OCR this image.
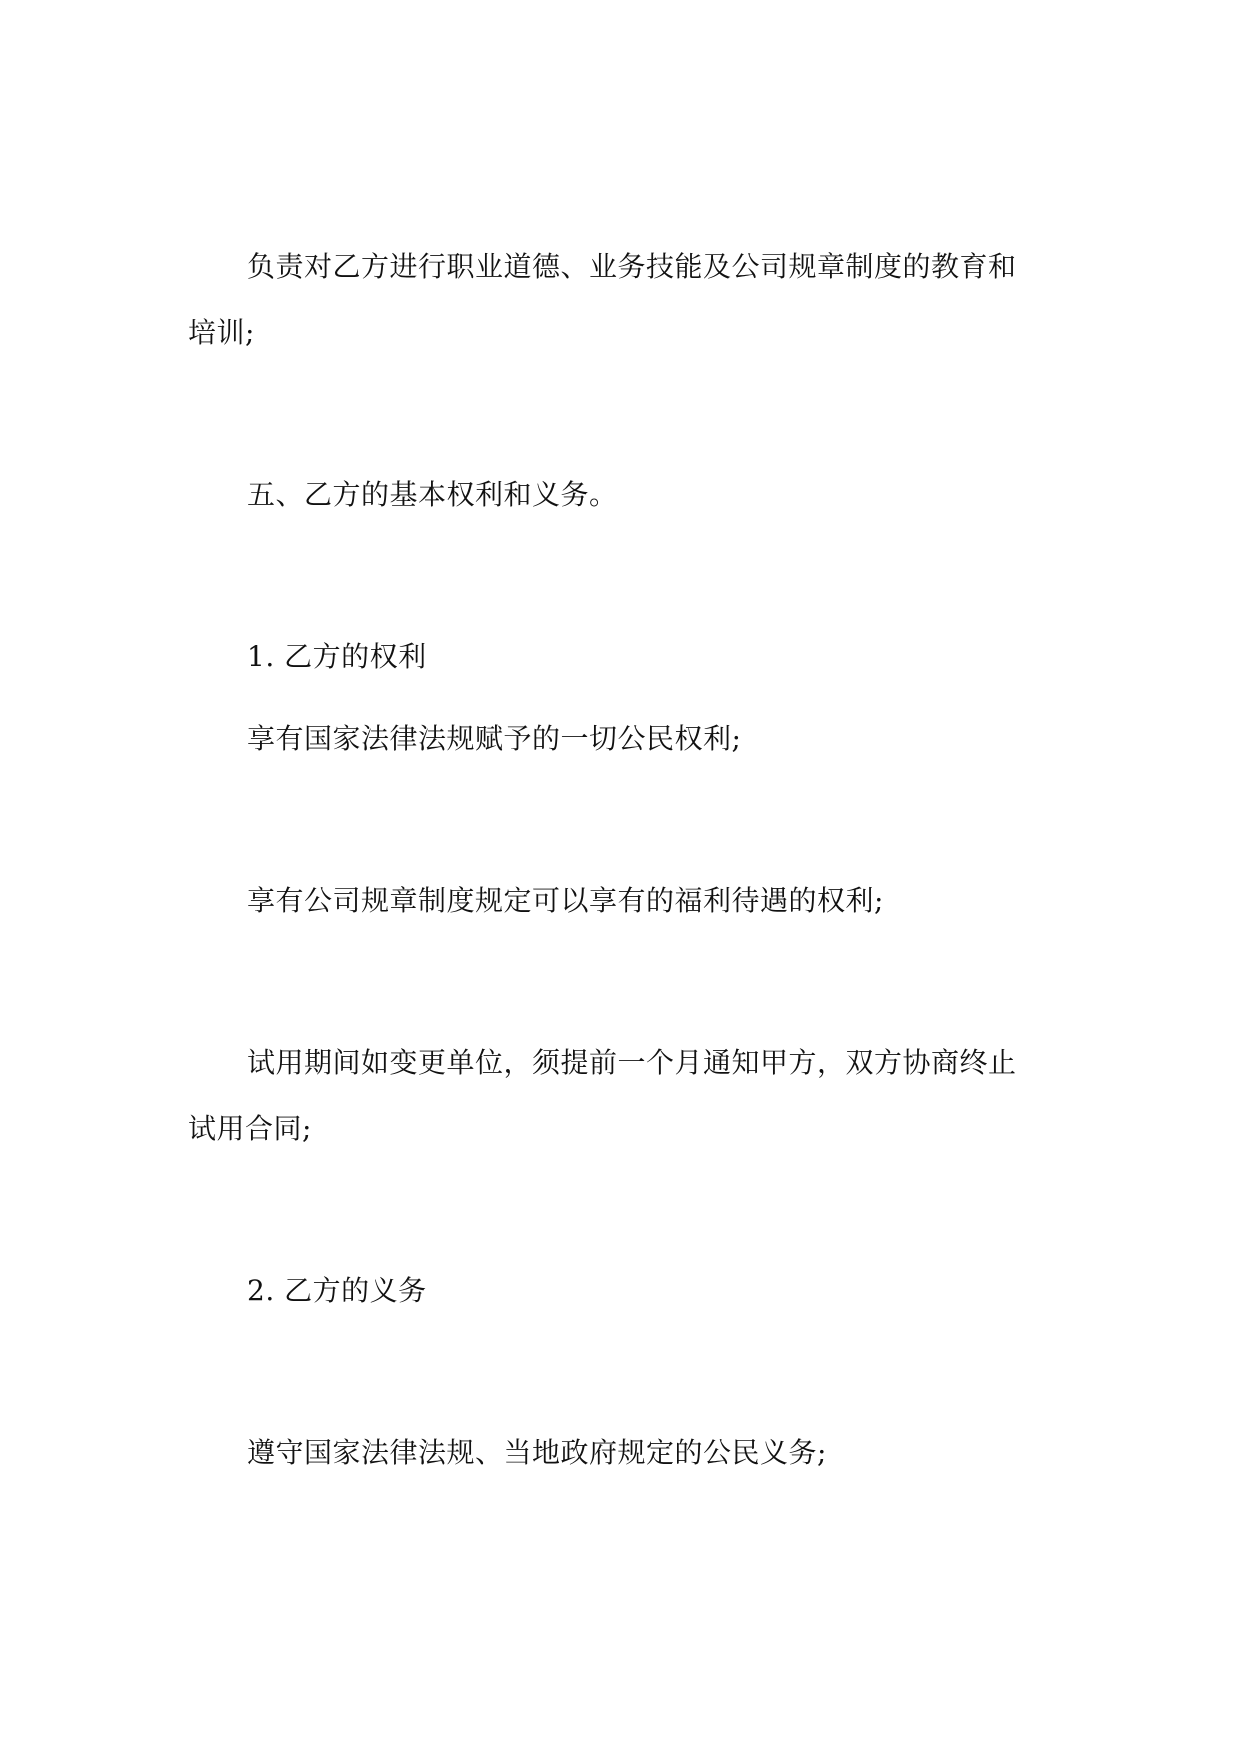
负责对乙方进行职业道德、业务技能及公司规章制度的教育和
培训;
五、乙方的基本权利和义务。
1. 乙方的权利
享有国家法律法规赋予的一切公民权利;
享有公司规章制度规定可以享有的福利待遇的权利;
试用期间如变更单位，须提前一个月通知甲方，双方协商终止
试用合同;
2. 乙方的义务
遵守国家法律法规、当地政府规定的公民义务;
